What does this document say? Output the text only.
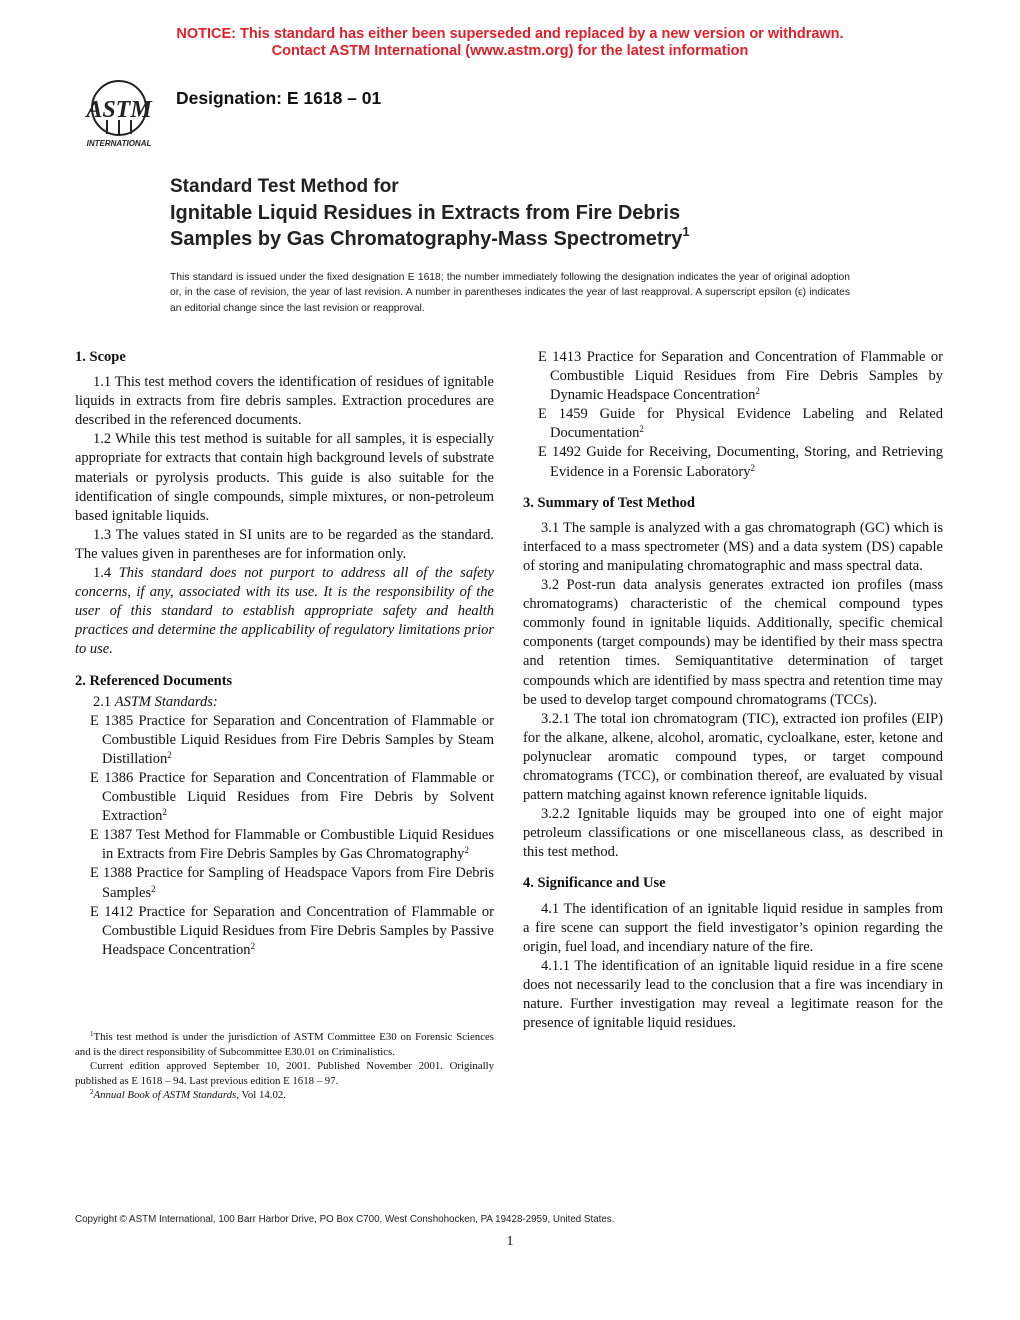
NOTICE: This standard has either been superseded and replaced by a new version or withdrawn.
Contact ASTM International (www.astm.org) for the latest information
ASTM
INTERNATIONAL
Designation: E 1618 – 01
Standard Test Method for
Ignitable Liquid Residues in Extracts from Fire Debris
Samples by Gas Chromatography-Mass Spectrometry$^1$
This standard is issued under the fixed designation E 1618; the number immediately following the designation indicates the year of original adoption or, in the case of revision, the year of last revision. A number in parentheses indicates the year of last reapproval. A superscript epsilon (ϵ) indicates an editorial change since the last revision or reapproval.
1. Scope

1.1 This test method covers the identification of residues of ignitable liquids in extracts from fire debris samples. Extraction procedures are described in the referenced documents.

1.2 While this test method is suitable for all samples, it is especially appropriate for extracts that contain high background levels of substrate materials or pyrolysis products. This guide is also suitable for the identification of single compounds, simple mixtures, or non-petroleum based ignitable liquids.

1.3 The values stated in SI units are to be regarded as the standard. The values given in parentheses are for information only.

1.4 This standard does not purport to address all of the safety concerns, if any, associated with its use. It is the responsibility of the user of this standard to establish appropriate safety and health practices and determine the applicability of regulatory limitations prior to use.

2. Referenced Documents

2.1 ASTM Standards:

E 1385 Practice for Separation and Concentration of Flammable or Combustible Liquid Residues from Fire Debris Samples by Steam Distillation$^2$

E 1386 Practice for Separation and Concentration of Flammable or Combustible Liquid Residues from Fire Debris by Solvent Extraction$^2$

E 1387 Test Method for Flammable or Combustible Liquid Residues in Extracts from Fire Debris Samples by Gas Chromatography$^2$

E 1388 Practice for Sampling of Headspace Vapors from Fire Debris Samples$^2$

E 1412 Practice for Separation and Concentration of Flammable or Combustible Liquid Residues from Fire Debris Samples by Passive Headspace Concentration$^2$

$^1$This test method is under the jurisdiction of ASTM Committee E30 on Forensic Sciences and is the direct responsibility of Subcommittee E30.01 on Criminalistics.

Current edition approved September 10, 2001. Published November 2001. Originally published as E 1618 – 94. Last previous edition E 1618 – 97.

$^2$Annual Book of ASTM Standards, Vol 14.02.

E 1413 Practice for Separation and Concentration of Flammable or Combustible Liquid Residues from Fire Debris Samples by Dynamic Headspace Concentration$^2$

E 1459 Guide for Physical Evidence Labeling and Related Documentation$^2$

E 1492 Guide for Receiving, Documenting, Storing, and Retrieving Evidence in a Forensic Laboratory$^2$

3. Summary of Test Method

3.1 The sample is analyzed with a gas chromatograph (GC) which is interfaced to a mass spectrometer (MS) and a data system (DS) capable of storing and manipulating chromatographic and mass spectral data.

3.2 Post-run data analysis generates extracted ion profiles (mass chromatograms) characteristic of the chemical compound types commonly found in ignitable liquids. Additionally, specific chemical components (target compounds) may be identified by their mass spectra and retention times. Semiquantitative determination of target compounds which are identified by mass spectra and retention time may be used to develop target compound chromatograms (TCCs).

3.2.1 The total ion chromatogram (TIC), extracted ion profiles (EIP) for the alkane, alkene, alcohol, aromatic, cycloalkane, ester, ketone and polynuclear aromatic compound types, or target compound chromatograms (TCC), or combination thereof, are evaluated by visual pattern matching against known reference ignitable liquids.

3.2.2 Ignitable liquids may be grouped into one of eight major petroleum classifications or one miscellaneous class, as described in this test method.

4. Significance and Use

4.1 The identification of an ignitable liquid residue in samples from a fire scene can support the field investigator’s opinion regarding the origin, fuel load, and incendiary nature of the fire.

4.1.1 The identification of an ignitable liquid residue in a fire scene does not necessarily lead to the conclusion that a fire was incendiary in nature. Further investigation may reveal a legitimate reason for the presence of ignitable liquid residues.

Copyright © ASTM International, 100 Barr Harbor Drive, PO Box C700, West Conshohocken, PA 19428-2959, United States.
1
